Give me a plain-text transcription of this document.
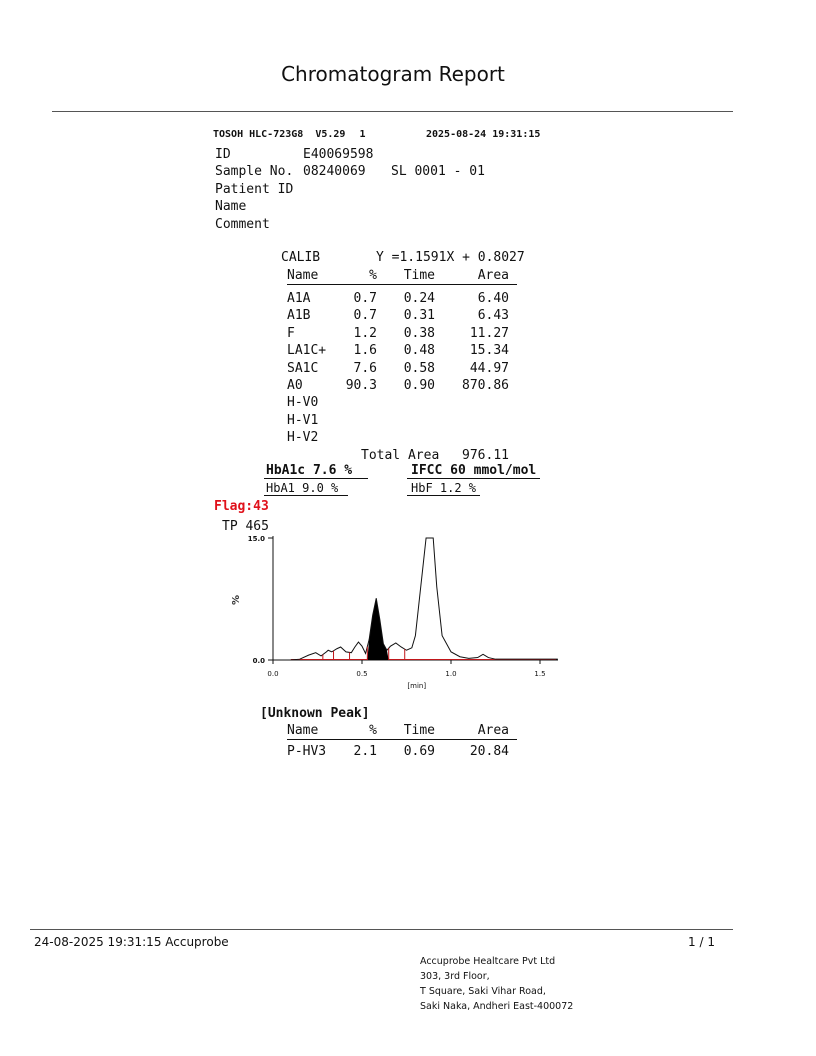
Chromatogram Report
TOSOH HLC-723G8 V5.29 1	2025-08-24 19:31:15
ID	E40069598
Sample No. 08240069 SL 0001 - 01
Patient ID
Name
Comment
CALIB	Y =1.1591X + 0.8027
Name	% Time	Area
A1A	0.7 0.24	6.40
A1B	0.7 0.31	6.43
F	1.2 0.38	11.27
LA1C+ 1.6 0.48	15.34
SA1C	7.6 0.58	44.97
A0	90.3 0.90 870.86
H-V0
H-V1
H-V2
Total Area 976.11
HbA1c 7.6 %	IFCC 60 mmol/mol
HbA1 9.0 %	HbF 1.2 %
Flag:43
TP 465
0.0	0.5	1.0	1.5
0.0
15.0
[min]
%
[Unknown Peak]
Name	% Time	Area
P-HV3 2.1 0.69	20.84
24-08-2025 19:31:15 Accuprobe	1 / 1
Accuprobe Healtcare Pvt Ltd
303, 3rd Floor,
T Square, Saki Vihar Road,
Saki Naka, Andheri East-400072
